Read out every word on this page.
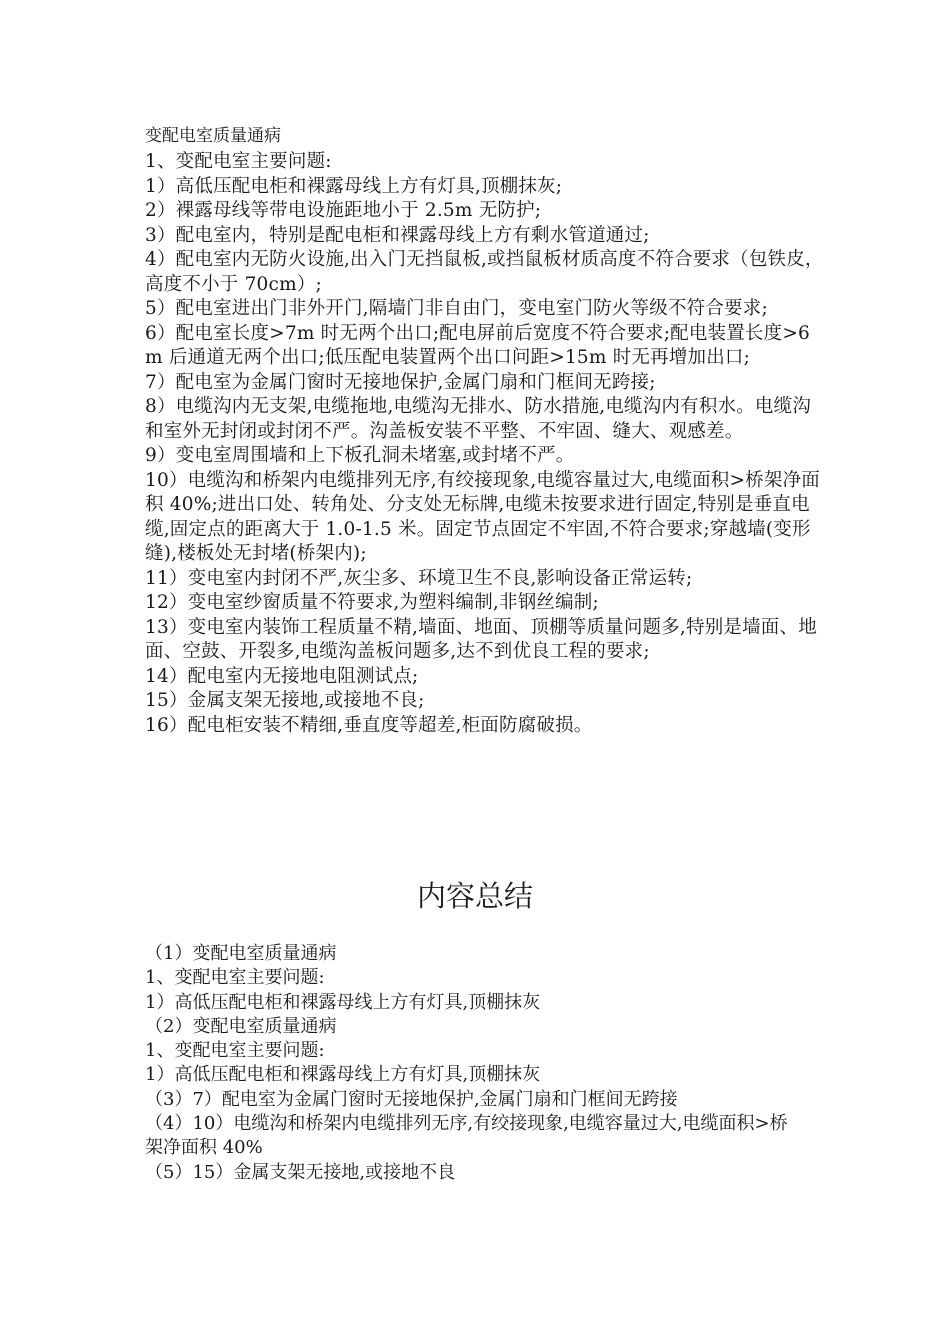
变配电室质量通病

1、变配电室主要问题:

1）高低压配电柜和裸露母线上方有灯具,顶棚抹灰;

2）裸露母线等带电设施距地小于 2.5m 无防护;

3）配电室内，特别是配电柜和裸露母线上方有剩水管道通过;

4）配电室内无防火设施,出入门无挡鼠板,或挡鼠板材质高度不符合要求（包铁皮，高度不小于 70cm）;

5）配电室进出门非外开门,隔墙门非自由门，变电室门防火等级不符合要求;

6）配电室长度>7m 时无两个出口;配电屏前后宽度不符合要求;配电装置长度>6m 后通道无两个出口;低压配电装置两个出口问距>15m 时无再增加出口;

7）配电室为金属门窗时无接地保护,金属门扇和门框间无跨接;

8）电缆沟内无支架,电缆拖地,电缆沟无排水、防水措施,电缆沟内有积水。电缆沟和室外无封闭或封闭不严。沟盖板安装不平整、不牢固、缝大、观感差。

9）变电室周围墙和上下板孔洞未堵塞,或封堵不严。

10）电缆沟和桥架内电缆排列无序,有绞接现象,电缆容量过大,电缆面积>桥架净面积 40%;进出口处、转角处、分支处无标牌,电缆未按要求进行固定,特别是垂直电缆,固定点的距离大于 1.0-1.5 米。固定节点固定不牢固,不符合要求;穿越墙(变形缝),楼板处无封堵(桥架内);

11）变电室内封闭不严,灰尘多、环境卫生不良,影响设备正常运转;

12）变电室纱窗质量不符要求,为塑料编制,非钢丝编制;

13）变电室内装饰工程质量不精,墙面、地面、顶棚等质量问题多,特别是墙面、地面、空鼓、开裂多,电缆沟盖板问题多,达不到优良工程的要求;

14）配电室内无接地电阻测试点;

15）金属支架无接地,或接地不良;

16）配电柜安装不精细,垂直度等超差,柜面防腐破损。

内容总结

（1）变配电室质量通病

1、变配电室主要问题:

1）高低压配电柜和裸露母线上方有灯具,顶棚抹灰

（2）变配电室质量通病

1、变配电室主要问题:

1）高低压配电柜和裸露母线上方有灯具,顶棚抹灰

（3）7）配电室为金属门窗时无接地保护,金属门扇和门框间无跨接

（4）10）电缆沟和桥架内电缆排列无序,有绞接现象,电缆容量过大,电缆面积>桥架净面积 40%

（5）15）金属支架无接地,或接地不良
